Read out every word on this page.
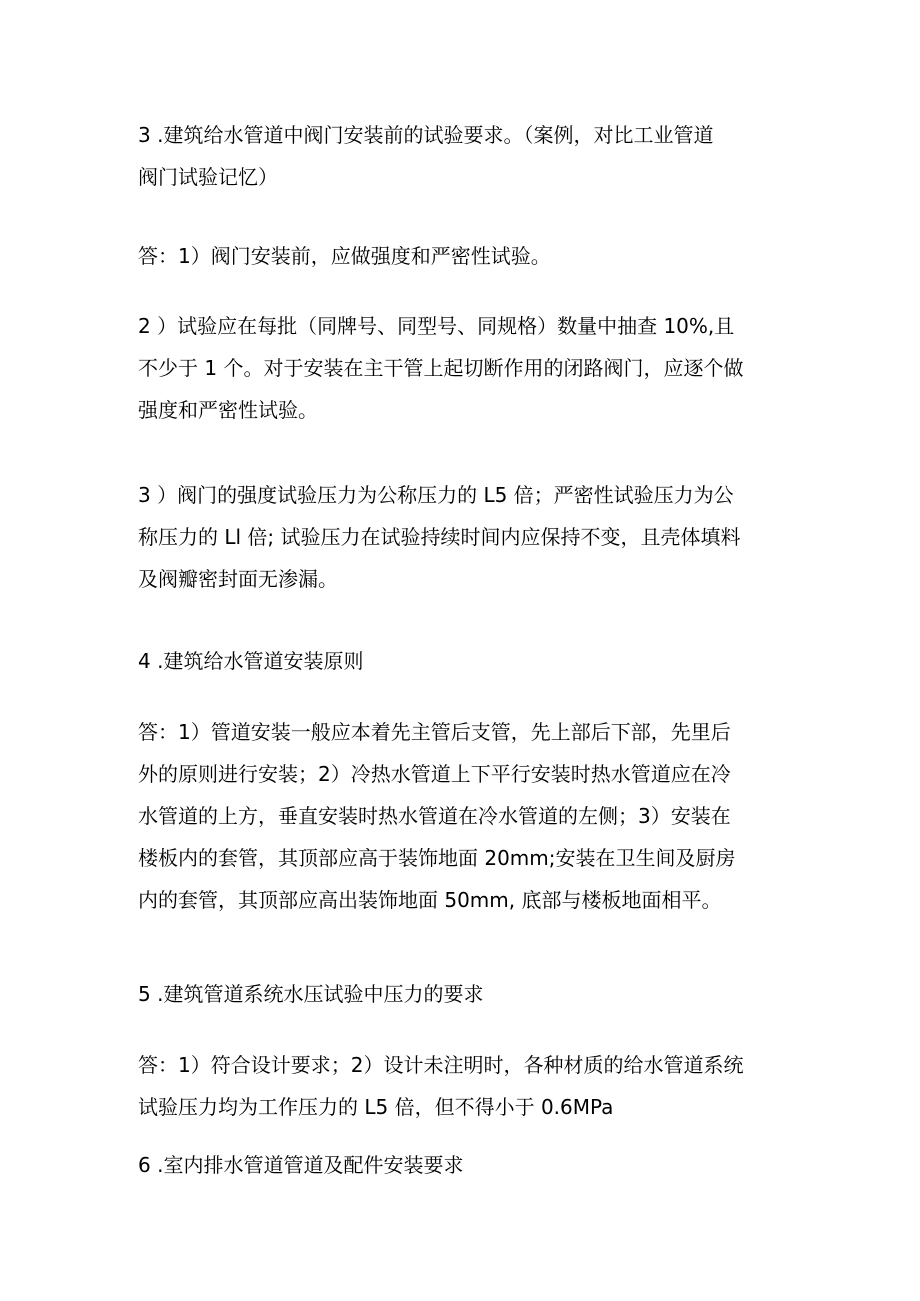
3 .建筑给水管道中阀门安装前的试验要求。（案例，对比工业管道
阀门试验记忆）
答：1）阀门安装前，应做强度和严密性试验。
2 ）试验应在每批（同牌号、同型号、同规格）数量中抽查 10%,且
不少于 1 个。对于安装在主干管上起切断作用的闭路阀门，应逐个做
强度和严密性试验。
3 ）阀门的强度试验压力为公称压力的 L5 倍；严密性试验压力为公
称压力的 Ll 倍; 试验压力在试验持续时间内应保持不变，且壳体填料
及阀瓣密封面无渗漏。
4 .建筑给水管道安装原则
答：1）管道安装一般应本着先主管后支管，先上部后下部，先里后
外的原则进行安装；2）冷热水管道上下平行安装时热水管道应在冷
水管道的上方，垂直安装时热水管道在冷水管道的左侧；3）安装在
楼板内的套管，其顶部应高于装饰地面 20mm;安装在卫生间及厨房
内的套管，其顶部应高出装饰地面 50mm, 底部与楼板地面相平。
5 .建筑管道系统水压试验中压力的要求
答：1）符合设计要求；2）设计未注明时，各种材质的给水管道系统
试验压力均为工作压力的 L5 倍，但不得小于 0.6MPa
6 .室内排水管道管道及配件安装要求
